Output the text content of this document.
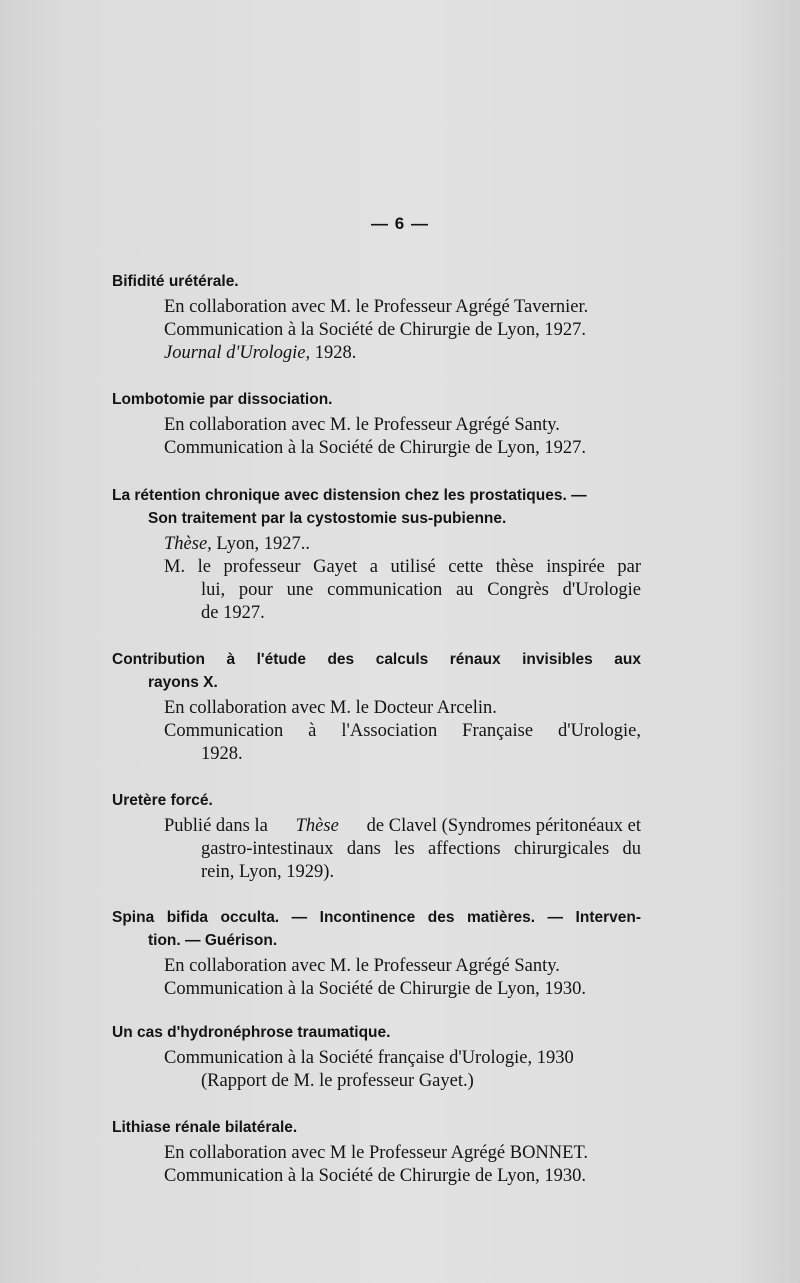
— 6 —
Bifidité urétérale.
En collaboration avec M. le Professeur Agrégé Tavernier.
Communication à la Société de Chirurgie de Lyon, 1927.
Journal d'Urologie, 1928.
Lombotomie par dissociation.
En collaboration avec M. le Professeur Agrégé Santy.
Communication à la Société de Chirurgie de Lyon, 1927.
La rétention chronique avec distension chez les prostatiques. —
Son traitement par la cystostomie sus-pubienne.
Thèse, Lyon, 1927..
M. le professeur Gayet a utilisé cette thèse inspirée par
lui, pour une communication au Congrès d'Urologie
de 1927.
Contribution à l'étude des calculs rénaux invisibles aux
rayons X.
En collaboration avec M. le Docteur Arcelin.
Communication à l'Association Française d'Urologie,
1928.
Uretère forcé.
Publié dans la Thèse de Clavel (Syndromes péritonéaux et
gastro-intestinaux dans les affections chirurgicales du
rein, Lyon, 1929).
Spina bifida occulta. — Incontinence des matières. — Interven-
tion. — Guérison.
En collaboration avec M. le Professeur Agrégé Santy.
Communication à la Société de Chirurgie de Lyon, 1930.
Un cas d'hydronéphrose traumatique.
Communication à la Société française d'Urologie, 1930
(Rapport de M. le professeur Gayet.)
Lithiase rénale bilatérale.
En collaboration avec M le Professeur Agrégé BONNET.
Communication à la Société de Chirurgie de Lyon, 1930.
